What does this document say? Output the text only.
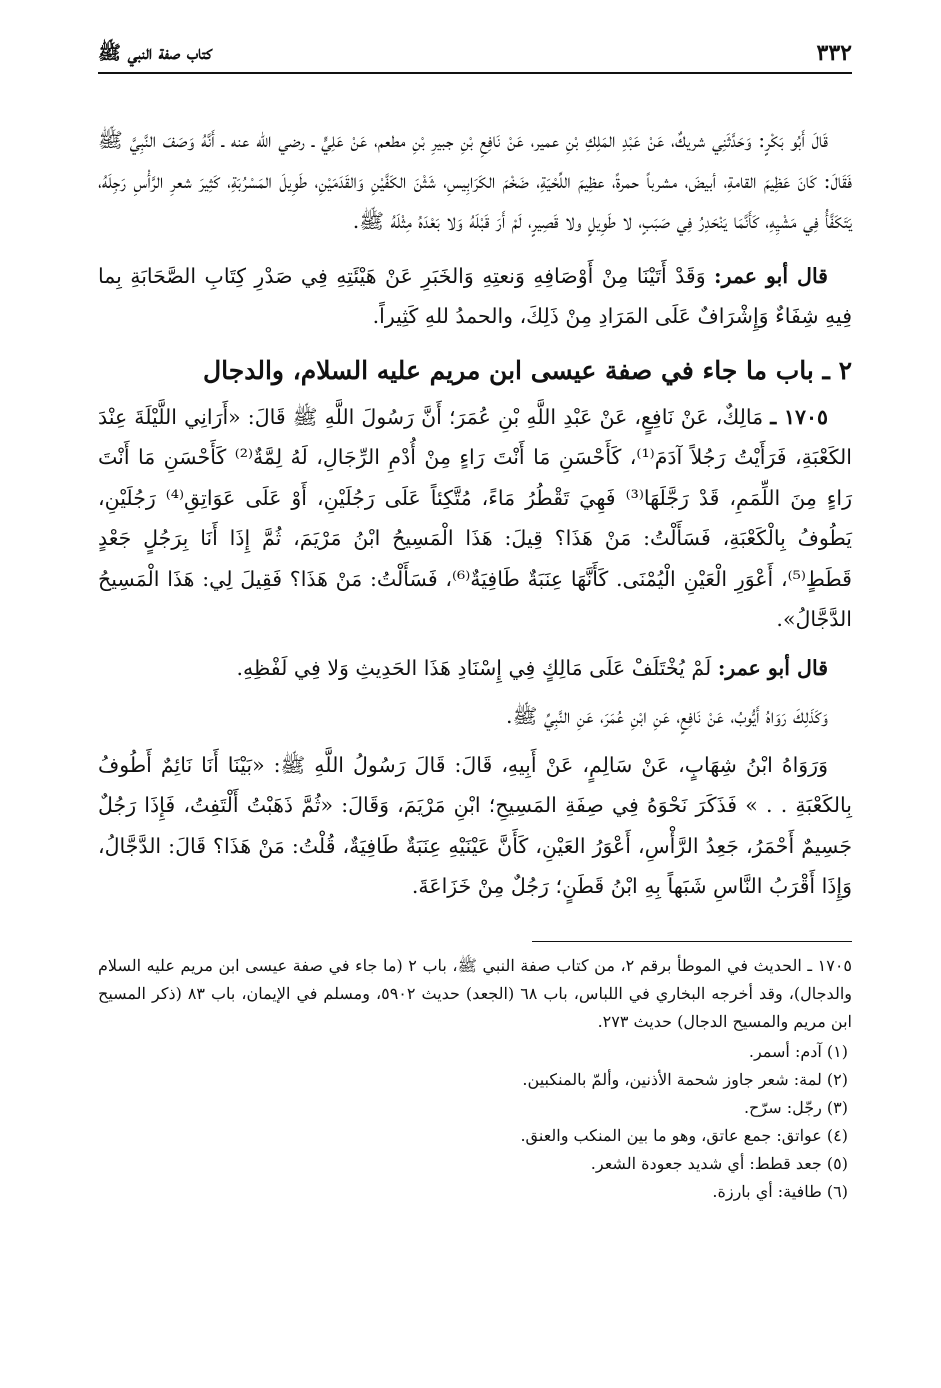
٣٣٢
كتاب صفة النبي ﷺ

قَالَ أَبُو بَكْرٍ: وَحَدَّثَنِي شريكٌ، عَنْ عَبْدِ المَلِكِ بْنِ عمير، عَنْ نَافِعِ بْنِ جبيرِ بْنِ مطعم، عَنْ عَلِيٍّ ـ رضي الله عنه ـ أَنَّهُ وَصَفَ النَّبِيَّ ﷺ فَقَالَ: كَانَ عَظِيمَ القامةِ، أبيضَ، مشرباً حمرةً، عظِيمَ اللِّحْيَةِ، ضَخْمَ الكَرَابِيسِ، شَثْنَ الكَفَّيْنِ وَالقَدَمَيْنِ، طَوِيلَ المَسْرُبَةِ، كَثِيرَ شعرِ الرَّأْسِ رَجِلَهُ، يَتَكَفَّأُ فِي مَشْيِهِ، كَأَنَّمَا يَنْحَدِرُ فِي صَبَبٍ، لا طَوِيلٍ ولا قَصِيرٍ، لَمْ أَرَ قَبْلَهُ وَلا بَعْدَهُ مِثْلَهُ ﷺ.

قال أبو عمر: وَقَدْ أَتَيْنَا مِنْ أَوْصَافِهِ وَنعتِهِ وَالخَبَرِ عَنْ هَيْئَتِهِ فِي صَدْرِ كِتَابِ الصَّحَابَةِ بِما فِيهِ شِفَاءٌ وَإِشْرَافٌ عَلَى المَرَادِ مِنْ ذَلِكَ، والحمدُ للهِ كَثِيراً.

٢ ـ باب ما جاء في صفة عيسى ابن مريم عليه السلام، والدجال

١٧٠٥ ـ مَالِكٌ، عَنْ نَافِعٍ، عَنْ عَبْدِ اللَّهِ بْنِ عُمَرَ؛ أَنَّ رَسُولَ اللَّهِ ﷺ قَالَ: «أَرَانِي اللَّيْلَةَ عِنْدَ الكَعْبَةِ، فَرَأَيْتُ رَجُلاً آدَمَ⁽¹⁾، كَأَحْسَنِ مَا أَنْتَ رَاءٍ مِنْ أُدْمِ الرِّجَالِ، لَهُ لِمَّةٌ⁽²⁾ كَأَحْسَنِ مَا أَنْتَ رَاءٍ مِنَ اللِّمَمِ، قَدْ رَجَّلَهَا⁽³⁾ فَهِيَ تَقْطُرُ مَاءً، مُتَّكِئاً عَلَى رَجُلَيْنِ، أَوْ عَلَى عَوَاتِقِ⁽⁴⁾ رَجُلَيْنِ، يَطُوفُ بِالْكَعْبَةِ، فَسَأَلْتُ: مَنْ هَذَا؟ قِيلَ: هَذَا الْمَسِيحُ ابْنُ مَرْيَمَ، ثُمَّ إِذَا أَنَا بِرَجُلٍ جَعْدٍ قَطَطٍ⁽⁵⁾، أَعْوَرِ الْعَيْنِ الْيُمْنَى. كَأَنَّهَا عِنَبَةٌ طَافِيَةٌ⁽⁶⁾، فَسَأَلْتُ: مَنْ هَذَا؟ فَقِيلَ لِي: هَذَا الْمَسِيحُ الدَّجَّالُ».

قال أبو عمر: لَمْ يُخْتَلَفْ عَلَى مَالِكٍ فِي إِسْنَادِ هَذَا الحَدِيثِ وَلا فِي لَفْظِهِ.

وَكَذَلِكَ رَوَاهُ أَيُّوبُ، عَنْ نَافِعٍ، عَنِ ابْنِ عُمَرَ، عَنِ النَّبِيِّ ﷺ.

وَرَوَاهُ ابْنُ شِهَابٍ، عَنْ سَالِمٍ، عَنْ أَبِيهِ، قَالَ: قَالَ رَسُولُ اللَّهِ ﷺ: «بَيْنَا أَنَا نَائِمٌ أَطُوفُ بِالكَعْبَةِ . . » فَذَكَرَ نَحْوَهُ فِي صِفَةِ المَسِيحِ؛ ابْنِ مَرْيَمَ، وَقَالَ: «ثُمَّ ذَهَبْتُ أَلْتَفِتُ، فَإِذَا رَجُلٌ جَسِيمٌ أَحْمَرُ، جَعِدُ الرَّأْسِ، أَعْوَرُ العَيْنِ، كَأَنَّ عَيْنَيْهِ عِنَبَةٌ طَافِيَةٌ، قُلْتُ: مَنْ هَذَا؟ قَالَ: الدَّجَّالُ، وَإِذَا أَقْرَبُ النَّاسِ شَبَهاً بِهِ ابْنُ قَطَنٍ؛ رَجُلٌ مِنْ خَزَاعَةَ.

١٧٠٥ ـ الحديث في الموطأ برقم ٢، من كتاب صفة النبي ﷺ، باب ٢ (ما جاء في صفة عيسى ابن مريم عليه السلام والدجال)، وقد أخرجه البخاري في اللباس، باب ٦٨ (الجعد) حديث ٥٩٠٢، ومسلم في الإيمان، باب ٨٣ (ذكر المسيح ابن مريم والمسيح الدجال) حديث ٢٧٣.

(١) آدم: أسمر.
(٢) لمة: شعر جاوز شحمة الأذنين، وألمّ بالمنكبين.
(٣) رجّل: سرّح.
(٤) عواتق: جمع عاتق، وهو ما بين المنكب والعنق.
(٥) جعد قطط: أي شديد جعودة الشعر.
(٦) طافية: أي بارزة.
